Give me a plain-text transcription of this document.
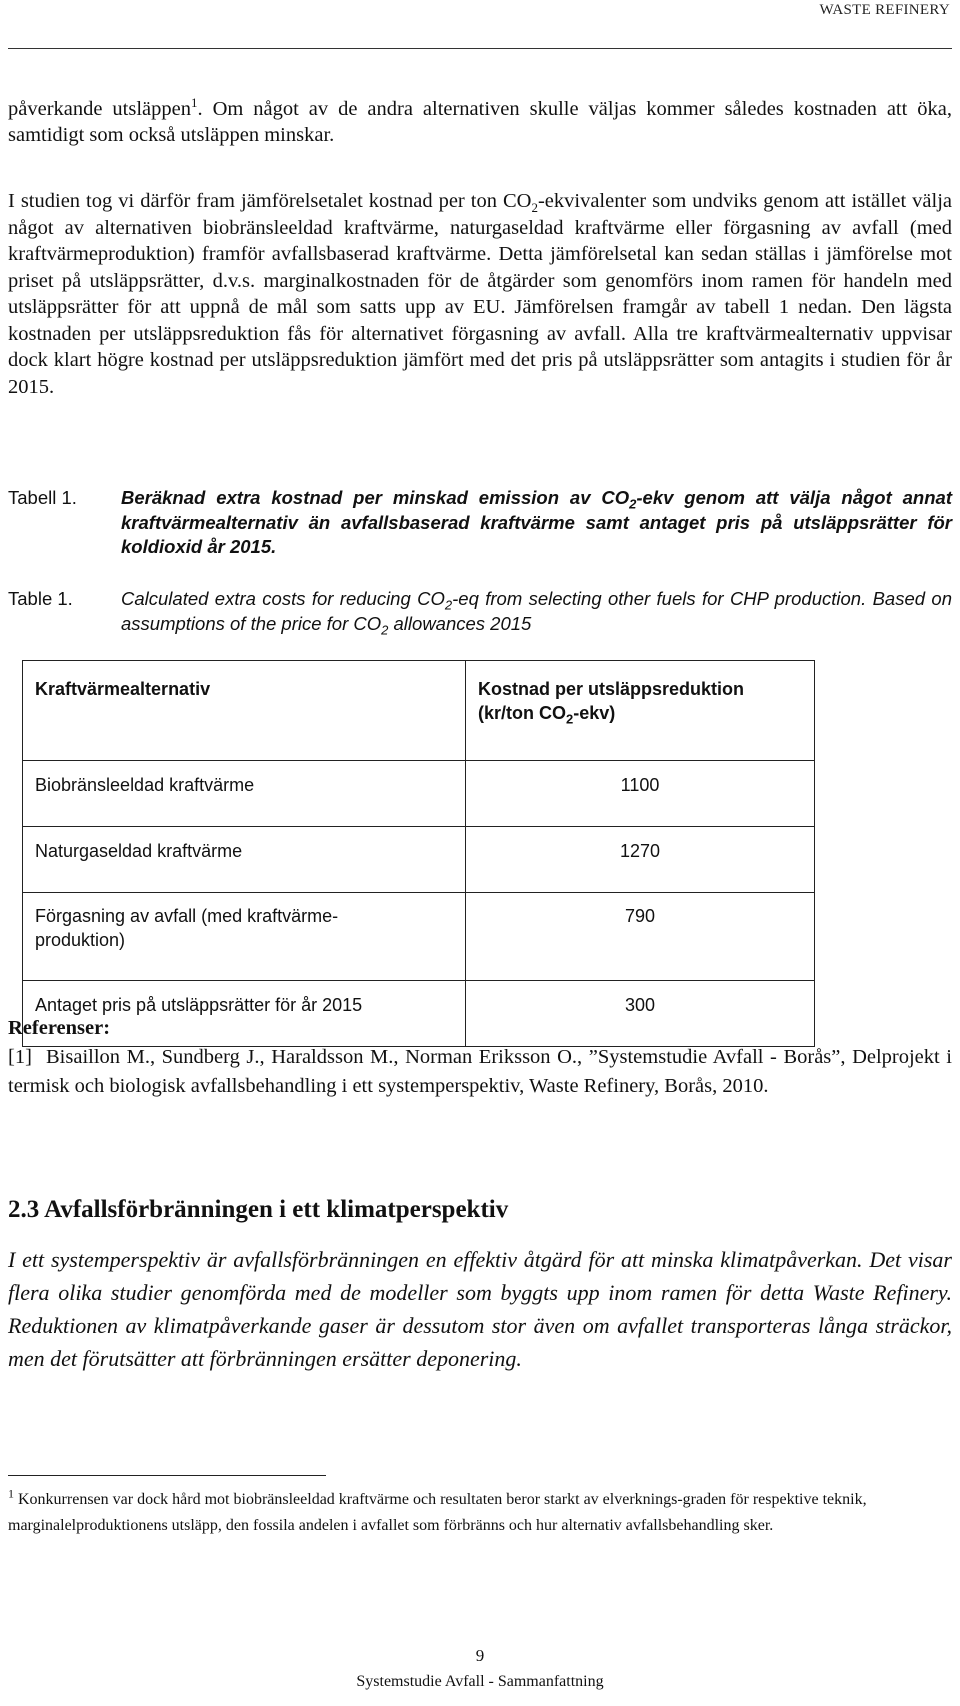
WASTE REFINERY
påverkande utsläppen$^1$. Om något av de andra alternativen skulle väljas kommer således kostnaden att öka, samtidigt som också utsläppen minskar.
I studien tog vi därför fram jämförelsetalet kostnad per ton $CO_2$-ekvivalenter som undviks genom att istället välja något av alternativen biobränsleeldad kraftvärme, naturgaseldad kraftvärme eller förgasning av avfall (med kraftvärmeproduktion) framför avfallsbaserad kraftvärme. Detta jämförelsetal kan sedan ställas i jämförelse mot priset på utsläppsrätter, d.v.s. marginalkostnaden för de åtgärder som genomförs inom ramen för handeln med utsläppsrätter för att uppnå de mål som satts upp av EU. Jämförelsen framgår av tabell 1 nedan. Den lägsta kostnaden per utsläppsreduktion fås för alternativet förgasning av avfall. Alla tre kraftvärmealternativ uppvisar dock klart högre kostnad per utsläppsreduktion jämfört med det pris på utsläppsrätter som antagits i studien för år 2015.
Tabell 1.	Beräknad extra kostnad per minskad emission av $CO_2$-ekv genom att välja något annat kraftvärmealternativ än avfallsbaserad kraftvärme samt antaget pris på utsläppsrätter för koldioxid år 2015.
Table 1.	Calculated extra costs for reducing $CO_2-eq$ from selecting other fuels for CHP production. Based on assumptions of the price for $CO_2$ allowances 2015
Kraftvärmealternativ	Kostnad per utsläppsreduktion
(kr/ton $CO_2-ekv$)
Biobränsleeldad kraftvärme	1100
Naturgaseldad kraftvärme	1270
Förgasning av avfall (med kraftvärme-
produktion)	790
Antaget pris på utsläppsrätter för år 2015	300
Referenser:
[1] Bisaillon M., Sundberg J., Haraldsson M., Norman Eriksson O., ”Systemstudie Avfall - Borås”, Delprojekt i termisk och biologisk avfallsbehandling i ett systemperspektiv, Waste Refinery, Borås, 2010.
2.3 Avfallsförbränningen i ett klimatperspektiv
I ett systemperspektiv är avfallsförbränningen en effektiv åtgärd för att minska klimatpåverkan. Det visar flera olika studier genomförda med de modeller som byggts upp inom ramen för detta Waste Refinery. Reduktionen av klimatpåverkande gaser är dessutom stor även om avfallet transporteras långa sträckor, men det förutsätter att förbränningen ersätter deponering.
$^1$ Konkurrensen var dock hård mot biobränsleeldad kraftvärme och resultaten beror starkt av elverknings-graden för respektive teknik, marginalelproduktionens utsläpp, den fossila andelen i avfallet som förbränns och hur alternativ avfallsbehandling sker.
9
Systemstudie Avfall - Sammanfattning
